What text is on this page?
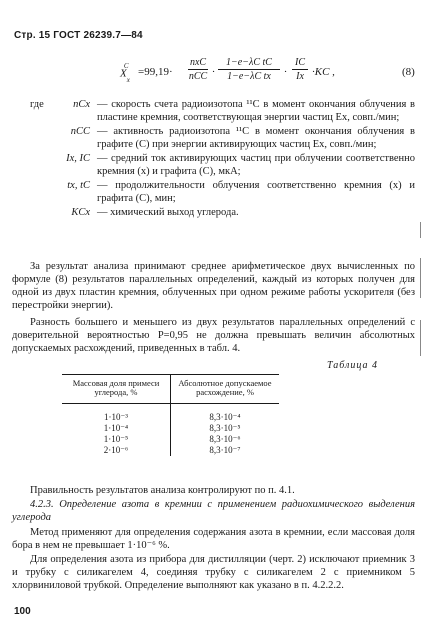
Стр. 15 ГОСТ 26239.7—84
$X_x^C =99,19\cdot$
nxC
nCC ·
1−e−λC tC
1−e−λC tx	·
IC
Ix ·KC ,	(8)
где	nCx — скорость счета радиоизотопа ¹¹C в момент окончания облучения в пластине кремния, соответствующая энергии частиц Ex, совп./мин;
nCC — активность радиоизотопа ¹¹C в момент окончания облучения в графите (C) при энергии активирующих частиц Ex, совп./мин;
Ix, IC — средний ток активирующих частиц при облучении соответственно кремния (x) и графита (C), мкА;
tx, tC — продолжительности облучения соответственно кремния (x) и графита (C), мин;
KCx — химический выход углерода.
За результат анализа принимают среднее арифметическое двух вычисленных по формуле (8) результатов параллельных определений, каждый из которых получен для одной из двух пластин кремния, облученных при одном режиме работы ускорителя (без перестройки энергии).
Разность большего и меньшего из двух результатов параллельных определений с доверительной вероятностью P=0,95 не должна превышать величин абсолютных допускаемых расхождений, приведенных в табл. 4.
Таблица 4
Массовая доля примеси углерода, %	Абсолютное допускаемое расхождение, %
1·10⁻³	8,3·10⁻⁴
1·10⁻⁴	8,3·10⁻⁵
1·10⁻⁵	8,3·10⁻⁶
2·10⁻⁶	8,3·10⁻⁷
Правильность результатов анализа контролируют по п. 4.1.
4.2.3. Определение азота в кремнии с применением радиохимического выделения углерода
Метод применяют для определения содержания азота в кремнии, если массовая доля бора в нем не превышает 1·10⁻⁶ %.
Для определения азота из прибора для дистилляции (черт. 2) исключают приемник 3 и трубку с силикагелем 4, соединяя трубку с силикагелем 2 с приемником 5 хлорвиниловой трубкой. Определение выполняют как указано в п. 4.2.2.2.
100
